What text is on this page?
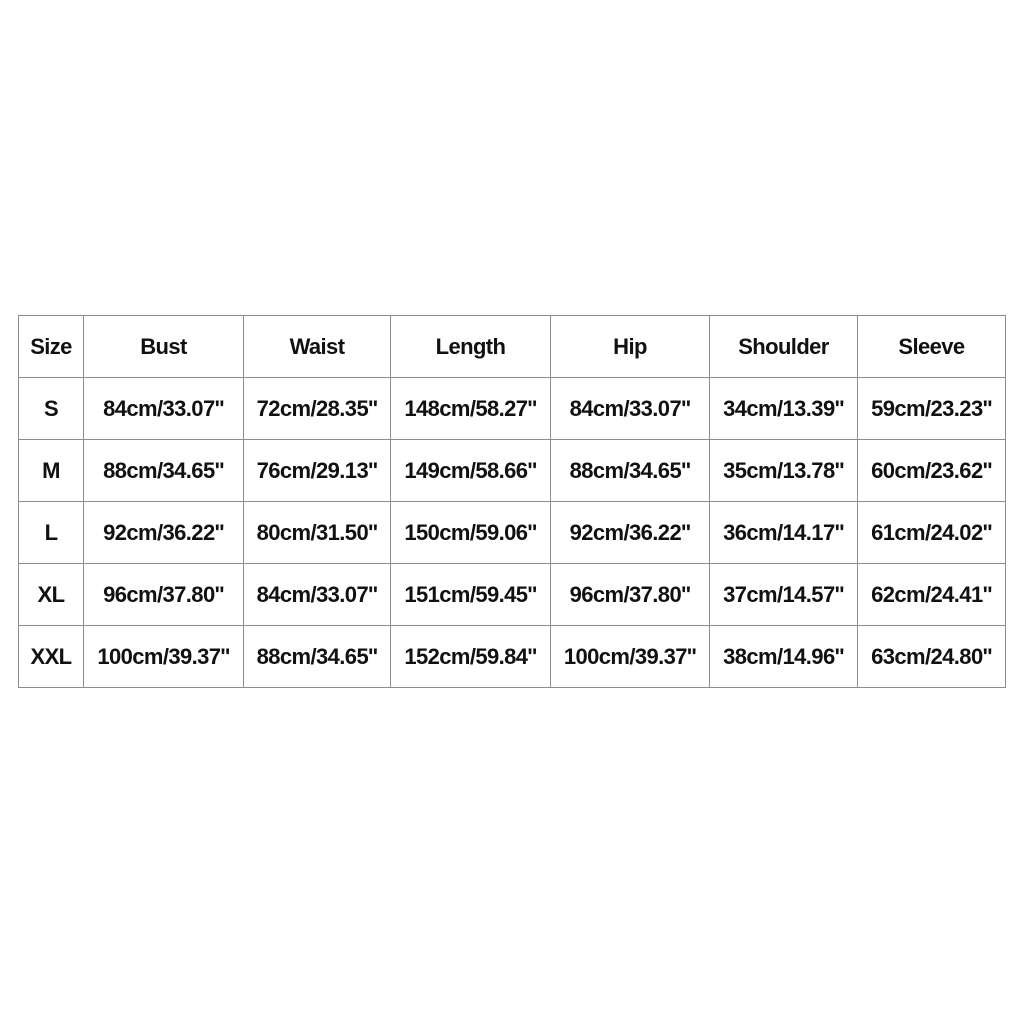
Size	Bust	Waist	Length	Hip	Shoulder	Sleeve
S	84cm/33.07''	72cm/28.35''	148cm/58.27''	84cm/33.07''	34cm/13.39''	59cm/23.23''
M	88cm/34.65''	76cm/29.13''	149cm/58.66''	88cm/34.65''	35cm/13.78''	60cm/23.62''
L	92cm/36.22''	80cm/31.50''	150cm/59.06''	92cm/36.22''	36cm/14.17''	61cm/24.02''
XL	96cm/37.80''	84cm/33.07''	151cm/59.45''	96cm/37.80''	37cm/14.57''	62cm/24.41''
XXL	100cm/39.37''	88cm/34.65''	152cm/59.84''	100cm/39.37''	38cm/14.96''	63cm/24.80''
